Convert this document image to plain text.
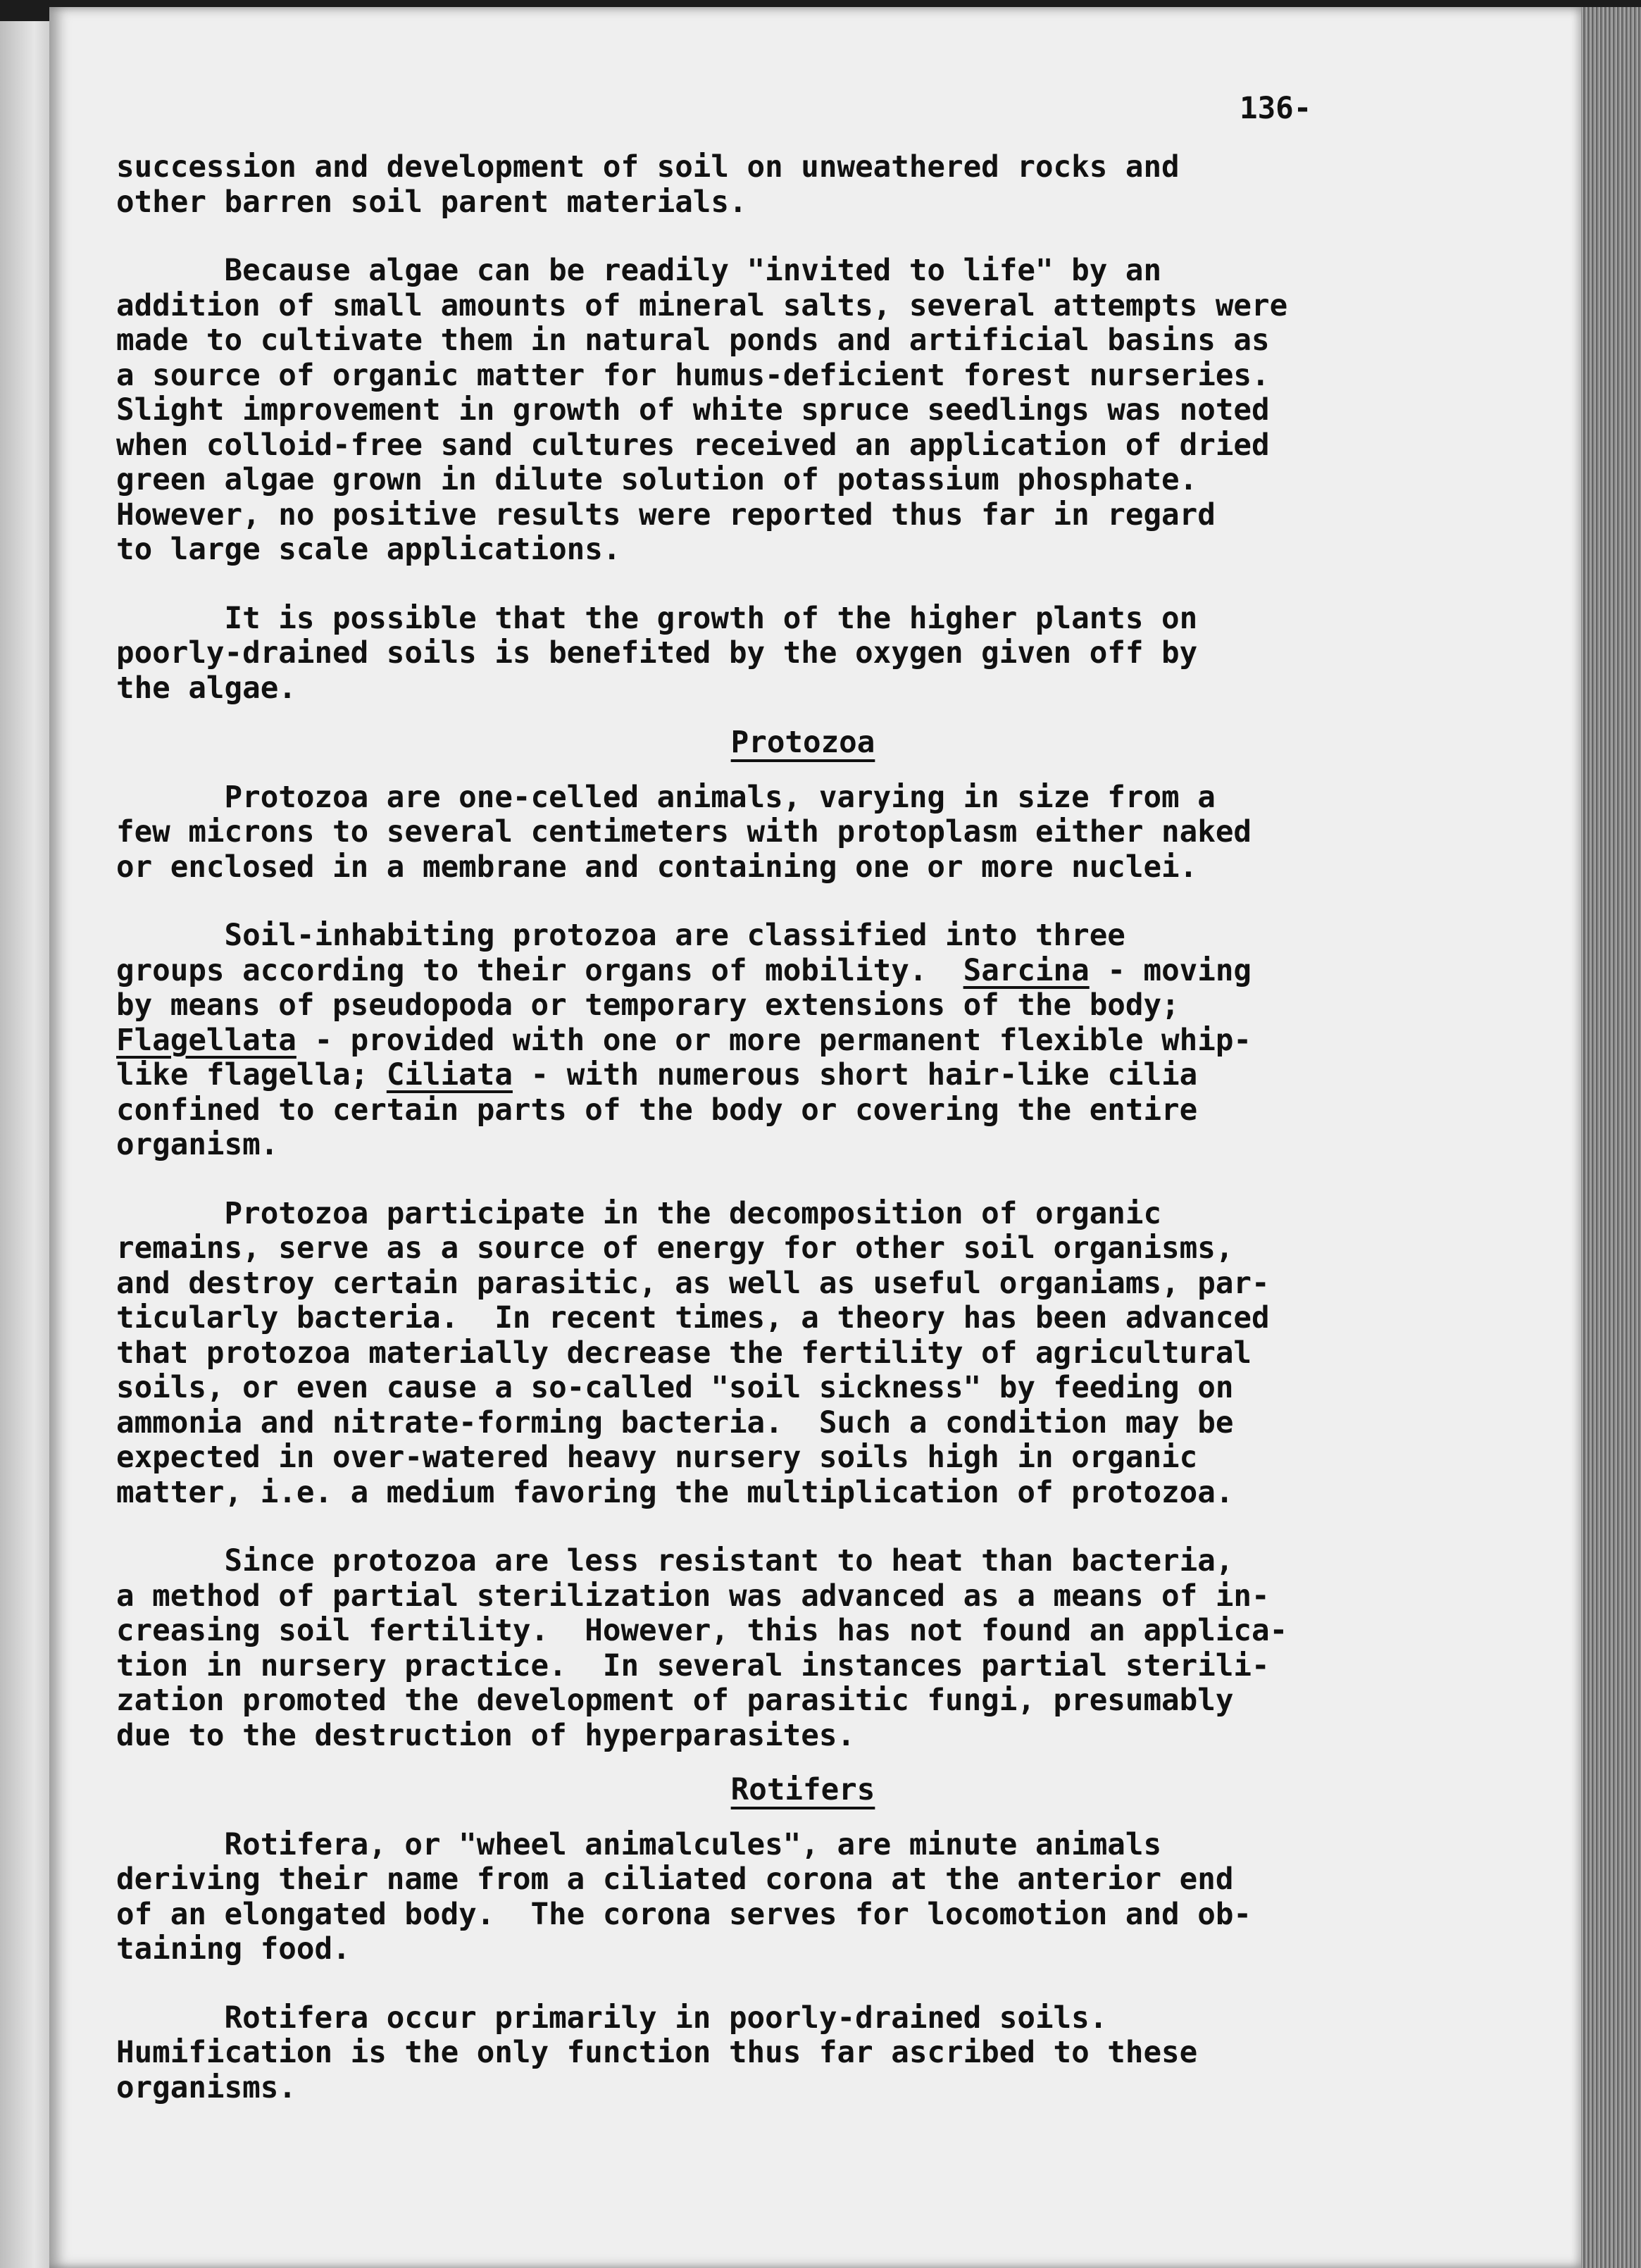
136-

succession and development of soil on unweathered rocks and

other barren soil parent materials.

Because algae can be readily "invited to life" by an

addition of small amounts of mineral salts, several attempts were

made to cultivate them in natural ponds and artificial basins as

a source of organic matter for humus-deficient forest nurseries.

Slight improvement in growth of white spruce seedlings was noted

when colloid-free sand cultures received an application of dried

green algae grown in dilute solution of potassium phosphate.

However, no positive results were reported thus far in regard

to large scale applications.

It is possible that the growth of the higher plants on

poorly-drained soils is benefited by the oxygen given off by

the algae.

Protozoa

Protozoa are one-celled animals, varying in size from a

few microns to several centimeters with protoplasm either naked

or enclosed in a membrane and containing one or more nuclei.

Soil-inhabiting protozoa are classified into three

groups according to their organs of mobility.  Sarcina - moving

by means of pseudopoda or temporary extensions of the body;

Flagellata - provided with one or more permanent flexible whip-

like flagella; Ciliata - with numerous short hair-like cilia

confined to certain parts of the body or covering the entire

organism.

Protozoa participate in the decomposition of organic

remains, serve as a source of energy for other soil organisms,

and destroy certain parasitic, as well as useful organiams, par-

ticularly bacteria.  In recent times, a theory has been advanced

that protozoa materially decrease the fertility of agricultural

soils, or even cause a so-called "soil sickness" by feeding on

ammonia and nitrate-forming bacteria.  Such a condition may be

expected in over-watered heavy nursery soils high in organic

matter, i.e. a medium favoring the multiplication of protozoa.

Since protozoa are less resistant to heat than bacteria,

a method of partial sterilization was advanced as a means of in-

creasing soil fertility.  However, this has not found an applica-

tion in nursery practice.  In several instances partial sterili-

zation promoted the development of parasitic fungi, presumably

due to the destruction of hyperparasites.

Rotifers

Rotifera, or "wheel animalcules", are minute animals

deriving their name from a ciliated corona at the anterior end

of an elongated body.  The corona serves for locomotion and ob-

taining food.

Rotifera occur primarily in poorly-drained soils.

Humification is the only function thus far ascribed to these

organisms.
